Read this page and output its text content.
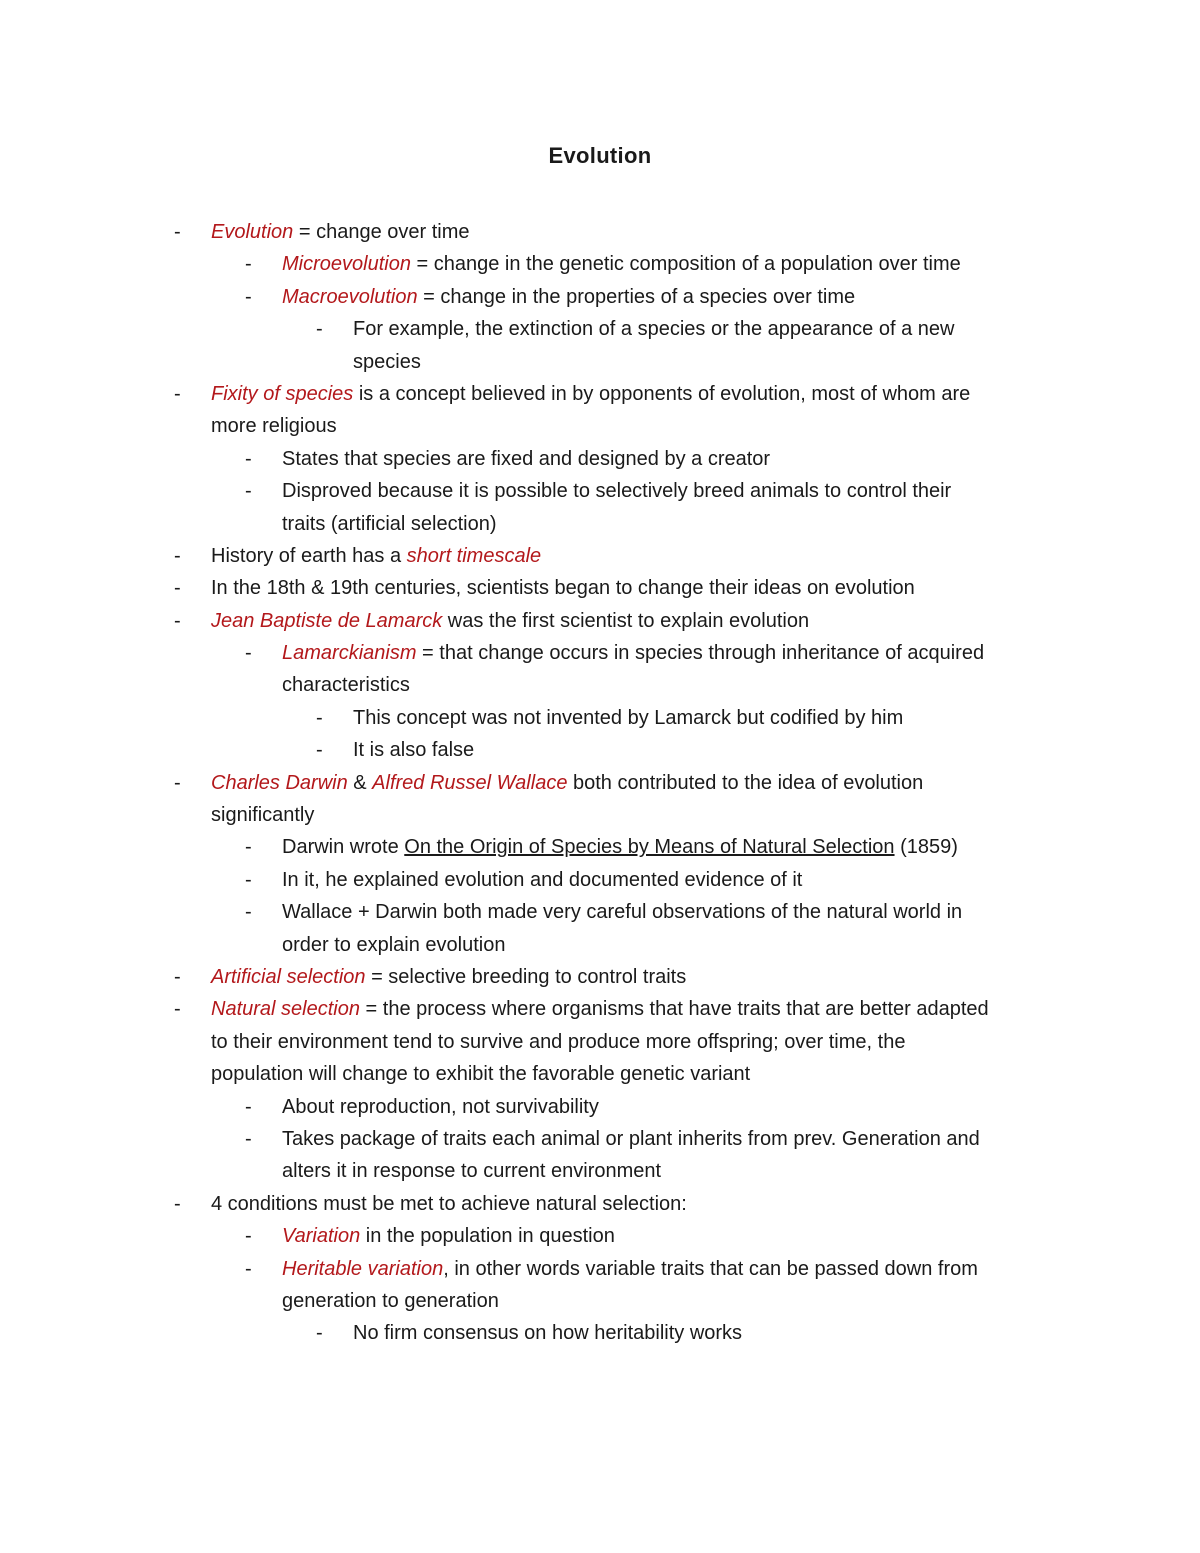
Evolution
- Evolution = change over time
- Microevolution = change in the genetic composition of a population over time
- Macroevolution = change in the properties of a species over time
- For example, the extinction of a species or the appearance of a new
species
- Fixity of species is a concept believed in by opponents of evolution, most of whom are
more religious
- States that species are fixed and designed by a creator
- Disproved because it is possible to selectively breed animals to control their
traits (artificial selection)
- History of earth has a short timescale
- In the 18th & 19th centuries, scientists began to change their ideas on evolution
- Jean Baptiste de Lamarck was the first scientist to explain evolution
- Lamarckianism = that change occurs in species through inheritance of acquired
characteristics
- This concept was not invented by Lamarck but codified by him
- It is also false
- Charles Darwin & Alfred Russel Wallace both contributed to the idea of evolution
significantly
- Darwin wrote On the Origin of Species by Means of Natural Selection (1859)
- In it, he explained evolution and documented evidence of it
- Wallace + Darwin both made very careful observations of the natural world in
order to explain evolution
- Artificial selection = selective breeding to control traits
- Natural selection = the process where organisms that have traits that are better adapted
to their environment tend to survive and produce more offspring; over time, the
population will change to exhibit the favorable genetic variant
- About reproduction, not survivability
- Takes package of traits each animal or plant inherits from prev. Generation and
alters it in response to current environment
- 4 conditions must be met to achieve natural selection:
- Variation in the population in question
- Heritable variation, in other words variable traits that can be passed down from
generation to generation
- No firm consensus on how heritability works
